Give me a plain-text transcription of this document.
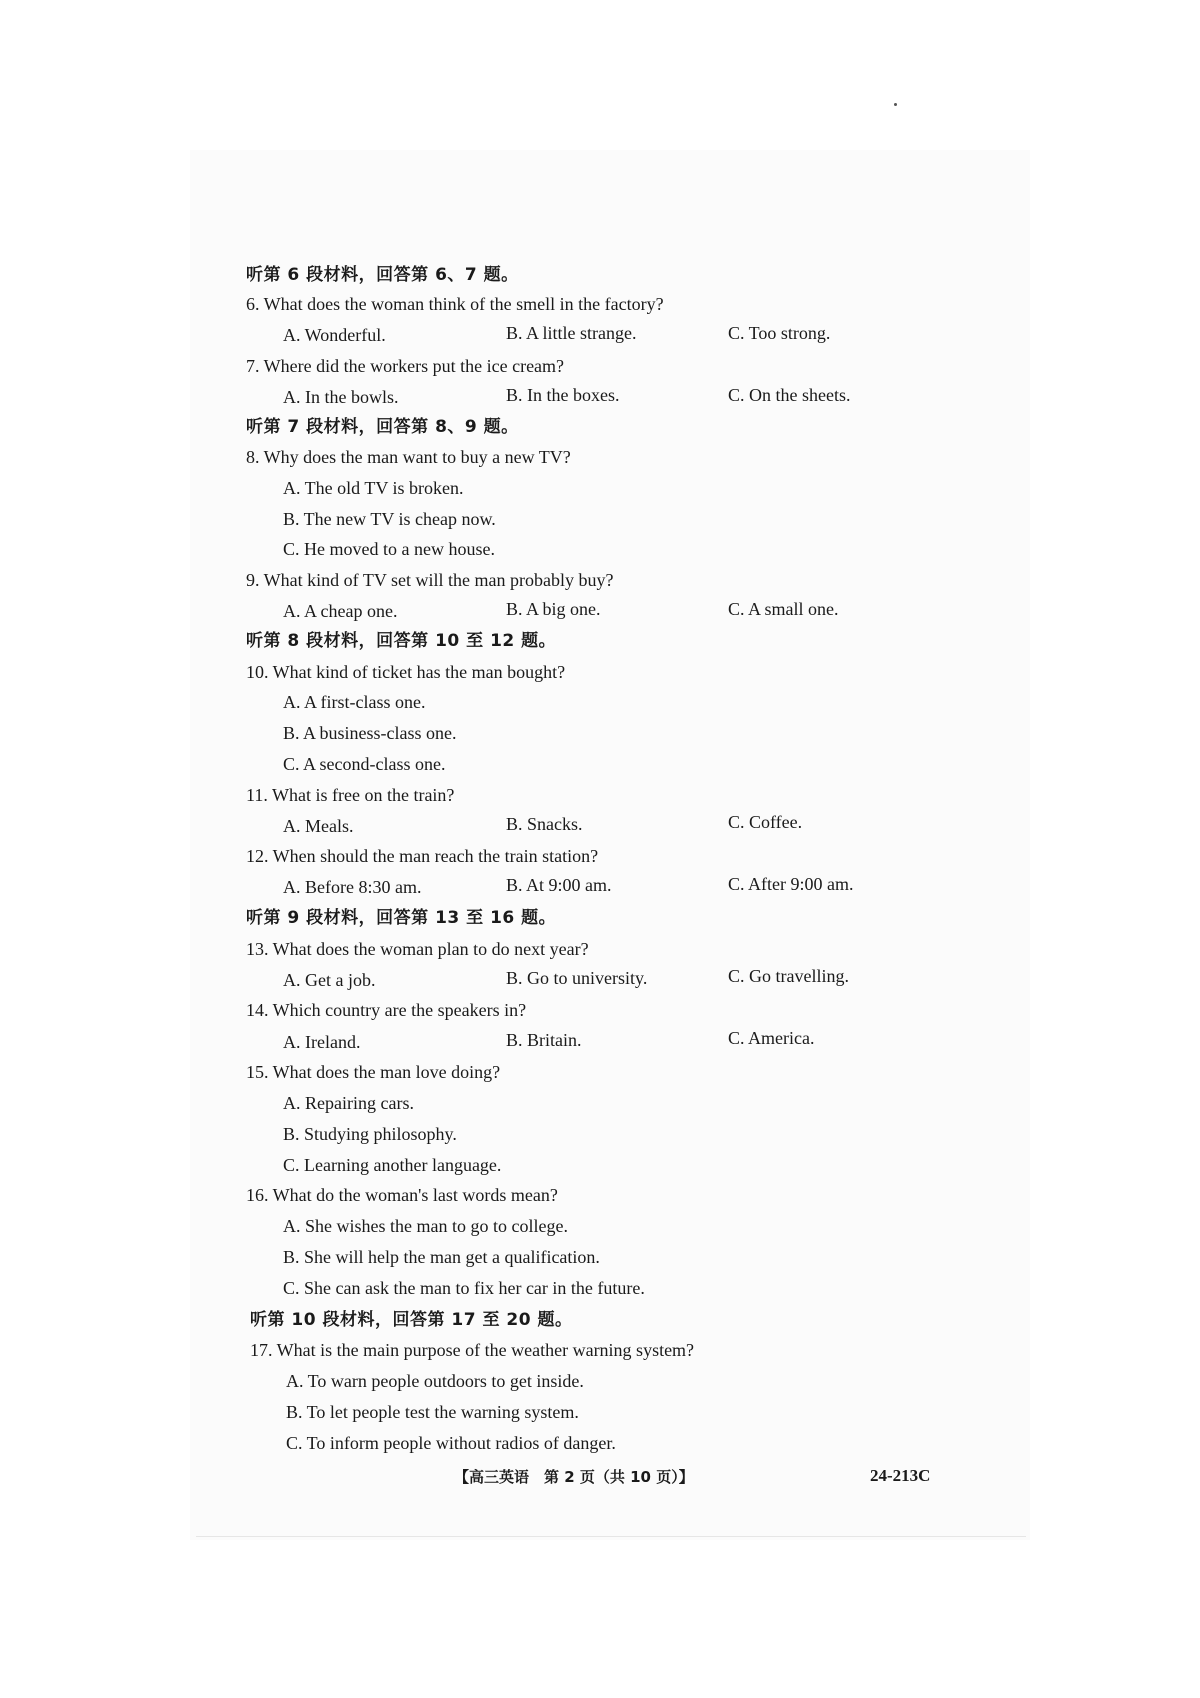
听第 6 段材料，回答第 6、7 题。
6. What does the woman think of the smell in the factory?
A. Wonderful.	B. A little strange.	C. Too strong.
7. Where did the workers put the ice cream?
A. In the bowls.	B. In the boxes.	C. On the sheets.
听第 7 段材料，回答第 8、9 题。
8. Why does the man want to buy a new TV?
A. The old TV is broken.
B. The new TV is cheap now.
C. He moved to a new house.
9. What kind of TV set will the man probably buy?
A. A cheap one.	B. A big one.	C. A small one.
听第 8 段材料，回答第 10 至 12 题。
10. What kind of ticket has the man bought?
A. A first-class one.
B. A business-class one.
C. A second-class one.
11. What is free on the train?
A. Meals.	B. Snacks.	C. Coffee.
12. When should the man reach the train station?
A. Before 8:30 am.	B. At 9:00 am.	C. After 9:00 am.
听第 9 段材料，回答第 13 至 16 题。
13. What does the woman plan to do next year?
A. Get a job.	B. Go to university.	C. Go travelling.
14. Which country are the speakers in?
A. Ireland.	B. Britain.	C. America.
15. What does the man love doing?
A. Repairing cars.
B. Studying philosophy.
C. Learning another language.
16. What do the woman's last words mean?
A. She wishes the man to go to college.
B. She will help the man get a qualification.
C. She can ask the man to fix her car in the future.
听第 10 段材料，回答第 17 至 20 题。
17. What is the main purpose of the weather warning system?
A. To warn people outdoors to get inside.
B. To let people test the warning system.
C. To inform people without radios of danger.
【高三英语　第 2 页（共 10 页）】	24-213C
